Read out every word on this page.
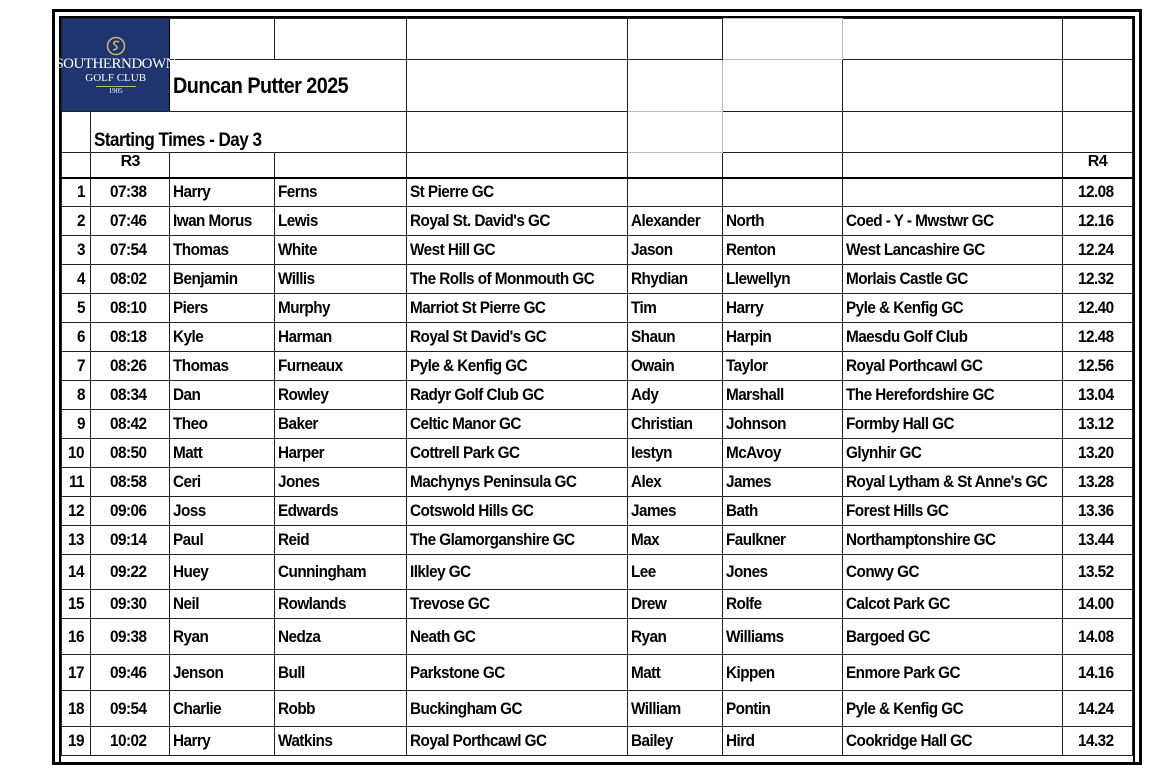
SOUTHERNDOWN
GOLF CLUB
1905								

		Duncan Putter 2025						
	Starting Times - Day 3							
	R3							R4
1	07:38	Harry	Ferns	St Pierre GC				12.08
2	07:46	Iwan Morus	Lewis	Royal St. David's GC	Alexander	North	Coed - Y - Mwstwr GC	12.16
3	07:54	Thomas	White	West Hill GC	Jason	Renton	West Lancashire GC	12.24
4	08:02	Benjamin	Willis	The Rolls of Monmouth GC	Rhydian	Llewellyn	Morlais Castle GC	12.32
5	08:10	Piers	Murphy	Marriot St Pierre GC	Tim	Harry	Pyle & Kenfig GC	12.40
6	08:18	Kyle	Harman	Royal St David's GC	Shaun	Harpin	Maesdu Golf Club	12.48
7	08:26	Thomas	Furneaux	Pyle & Kenfig GC	Owain	Taylor	Royal Porthcawl GC	12.56
8	08:34	Dan	Rowley	Radyr Golf Club GC	Ady	Marshall	The Herefordshire GC	13.04
9	08:42	Theo	Baker	Celtic Manor GC	Christian	Johnson	Formby Hall GC	13.12
10	08:50	Matt	Harper	Cottrell Park GC	Iestyn	McAvoy	Glynhir GC	13.20
11	08:58	Ceri	Jones	Machynys Peninsula GC	Alex	James	Royal Lytham & St Anne's GC	13.28
12	09:06	Joss	Edwards	Cotswold Hills GC	James	Bath	Forest Hills GC	13.36
13	09:14	Paul	Reid	The Glamorganshire GC	Max	Faulkner	Northamptonshire GC	13.44
14	09:22	Huey	Cunningham	Ilkley GC	Lee	Jones	Conwy GC	13.52
15	09:30	Neil	Rowlands	Trevose GC	Drew	Rolfe	Calcot Park GC	14.00
16	09:38	Ryan	Nedza	Neath GC	Ryan	Williams	Bargoed GC	14.08
17	09:46	Jenson	Bull	Parkstone GC	Matt	Kippen	Enmore Park GC	14.16
18	09:54	Charlie	Robb	Buckingham GC	William	Pontin	Pyle & Kenfig GC	14.24
19	10:02	Harry	Watkins	Royal Porthcawl GC	Bailey	Hird	Cookridge Hall GC	14.32
